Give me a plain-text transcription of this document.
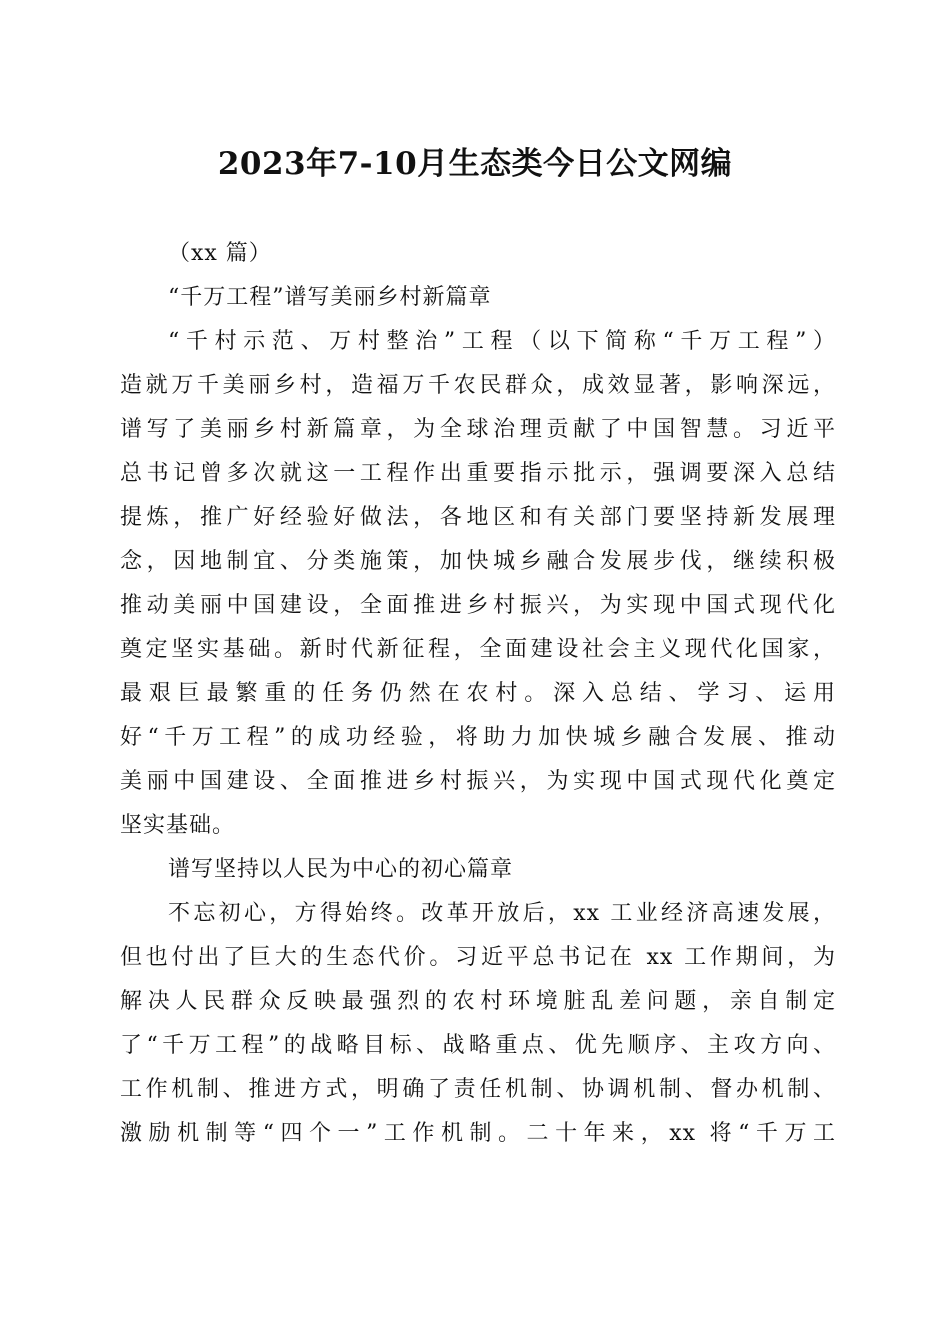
2023年7-10月生态类今日公文网编
（xx 篇）
“千万工程”谱写美丽乡村新篇章
“千村示范、万村整治”工程（以下简称“千万工程”）
造就万千美丽乡村，造福万千农民群众，成效显著，影响深远，
谱写了美丽乡村新篇章，为全球治理贡献了中国智慧。习近平
总书记曾多次就这一工程作出重要指示批示，强调要深入总结
提炼，推广好经验好做法，各地区和有关部门要坚持新发展理
念，因地制宜、分类施策，加快城乡融合发展步伐，继续积极
推动美丽中国建设，全面推进乡村振兴，为实现中国式现代化
奠定坚实基础。新时代新征程，全面建设社会主义现代化国家，
最艰巨最繁重的任务仍然在农村。深入总结、学习、运用
好“千万工程”的成功经验，将助力加快城乡融合发展、推动
美丽中国建设、全面推进乡村振兴，为实现中国式现代化奠定
坚实基础。
谱写坚持以人民为中心的初心篇章
不忘初心，方得始终。改革开放后，xx 工业经济高速发展，
但也付出了巨大的生态代价。习近平总书记在 xx 工作期间，为
解决人民群众反映最强烈的农村环境脏乱差问题，亲自制定
了“千万工程”的战略目标、战略重点、优先顺序、主攻方向、
工作机制、推进方式，明确了责任机制、协调机制、督办机制、
激励机制等“四个一”工作机制。二十年来，xx 将“千万工
